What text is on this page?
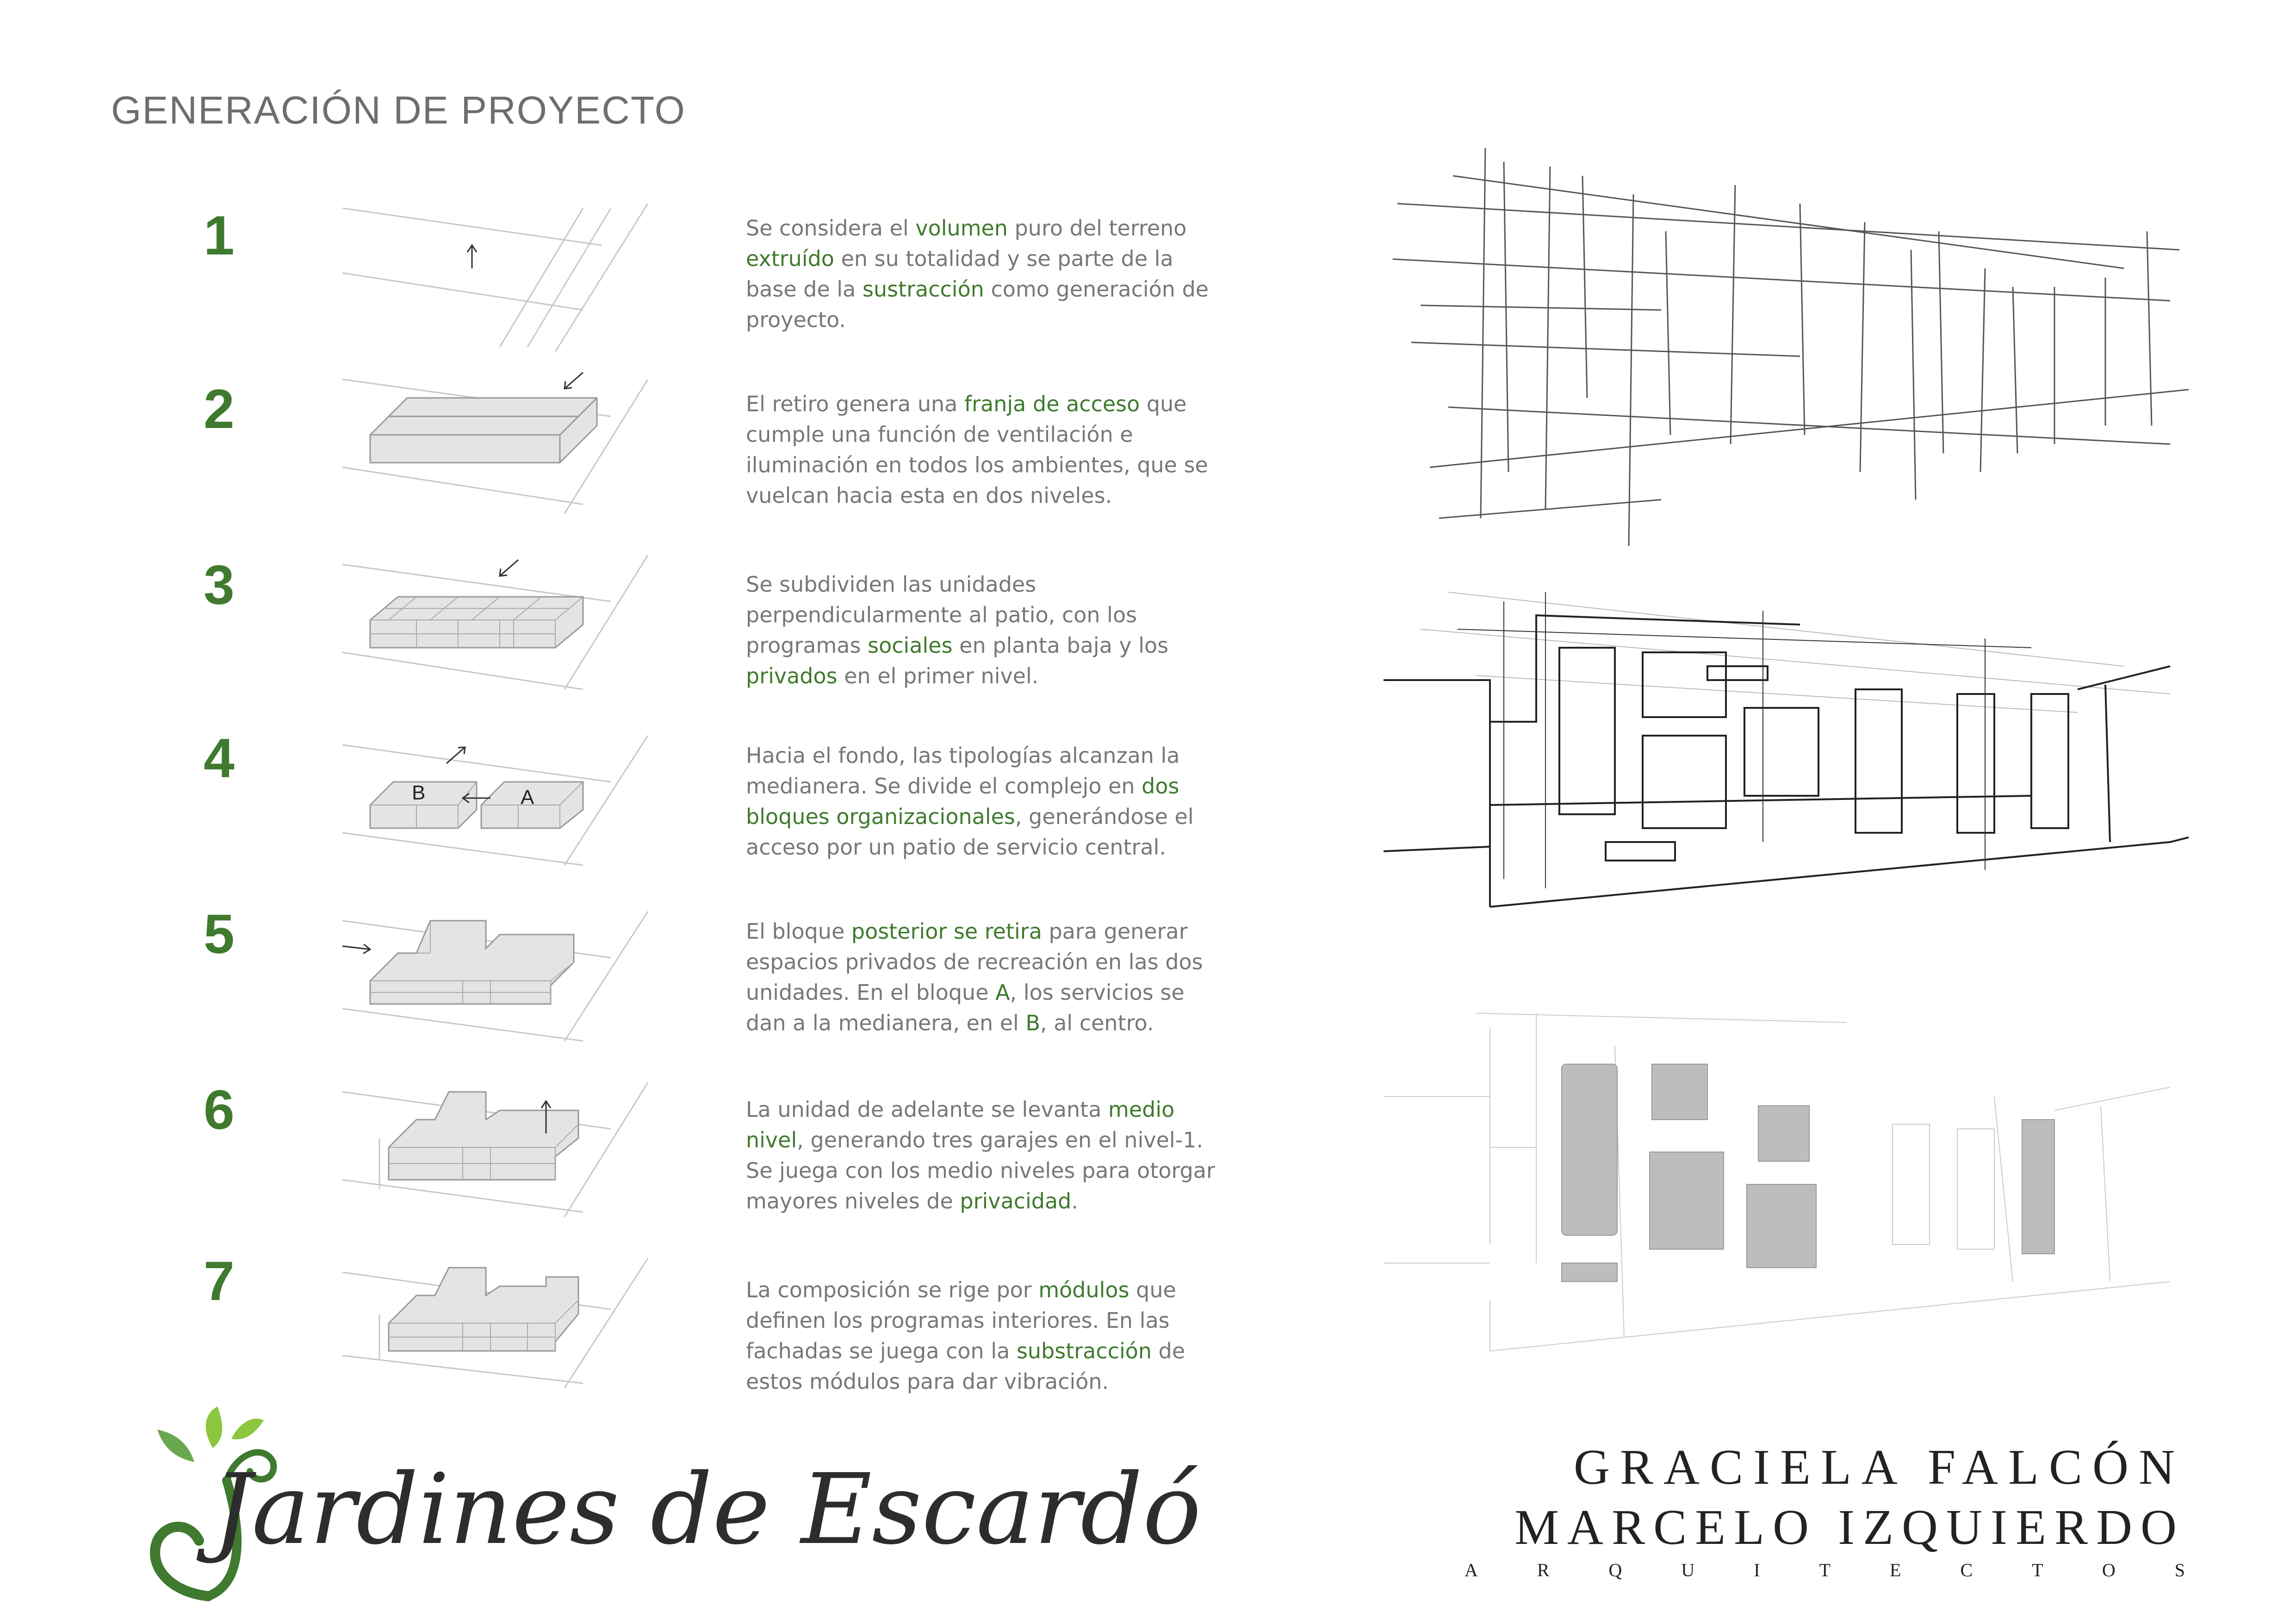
GENERACIÓN DE PROYECTO
1
2
3
4
5
6
7
Se considera el volumen puro del terreno extruído en su totalidad y se parte de la base de la sustracción como generación de proyecto.
El retiro genera una franja de acceso que cumple una función de ventilación e iluminación en todos los ambientes, que se vuelcan hacia esta en dos niveles.
Se subdividen las unidades perpendicularmente al patio, con los programas sociales en planta baja y los privados en el primer nivel.
Hacia el fondo, las tipologías alcanzan la medianera. Se divide el complejo en dos bloques organizacionales, generándose el acceso por un patio de servicio central.
El bloque posterior se retira para generar espacios privados de recreación en las dos unidades. En el bloque A, los servicios se dan a la medianera, en el B, al centro.
La unidad de adelante se levanta medio nivel, generando tres garajes en el nivel-1. Se juega con los medio niveles para otorgar mayores niveles de privacidad.
La composición se rige por módulos que definen los programas interiores. En las fachadas se juega con la substracción de estos módulos para dar vibración.
B	A
Jardines de Escardó	GRACIELA FALCÓN
MARCELO IZQUIERDO
ARQUITECTOS
